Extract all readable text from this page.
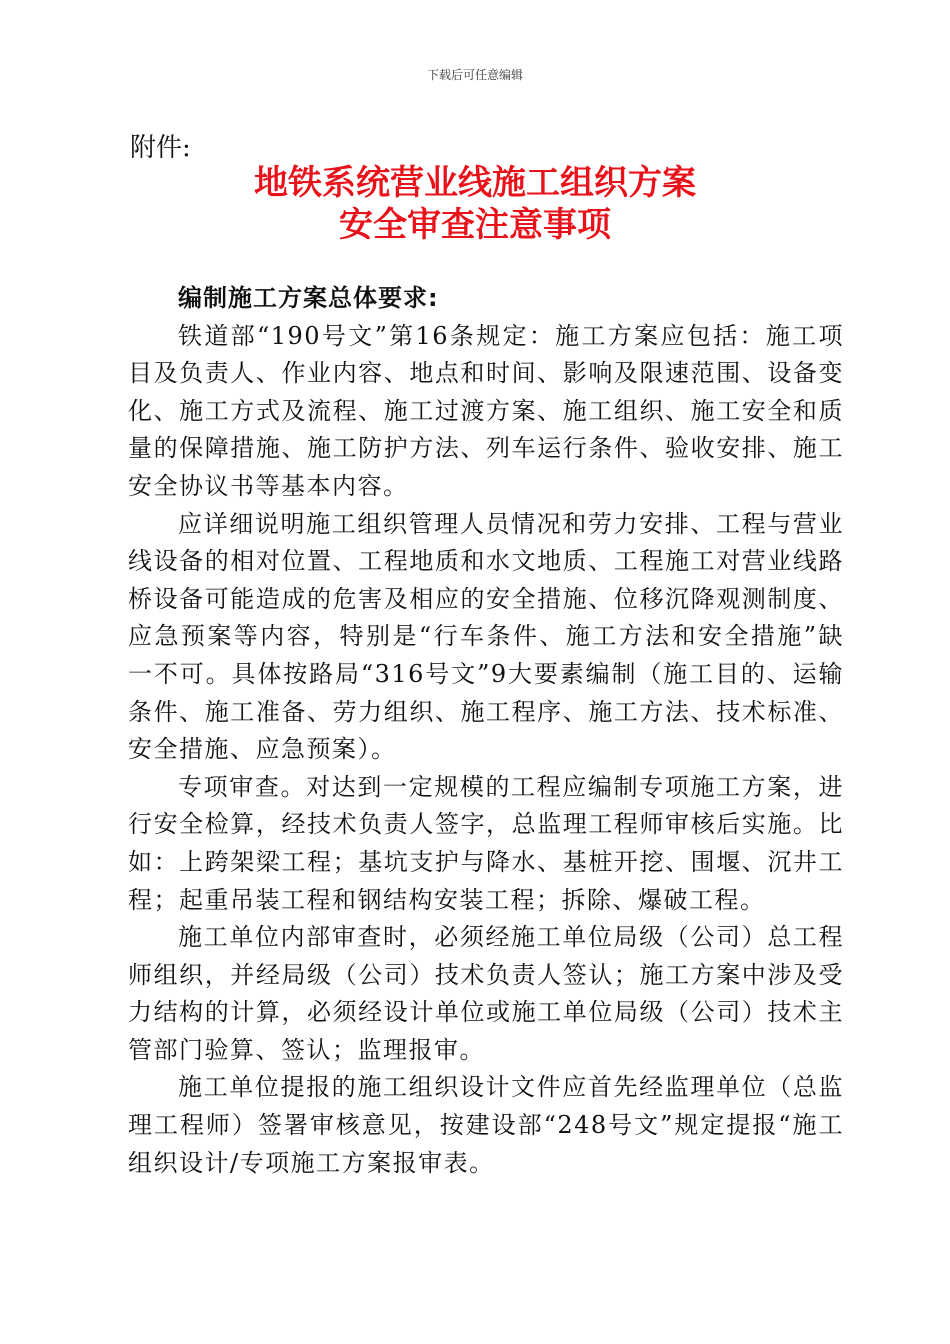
下载后可任意编辑
附件:
地铁系统营业线施工组织方案
安全审查注意事项

编制施工方案总体要求:

铁道部“190号文”第16条规定：施工方案应包括：施工项目及负责人、作业内容、地点和时间、影响及限速范围、设备变化、施工方式及流程、施工过渡方案、施工组织、施工安全和质量的保障措施、施工防护方法、列车运行条件、验收安排、施工安全协议书等基本内容。

应详细说明施工组织管理人员情况和劳力安排、工程与营业线设备的相对位置、工程地质和水文地质、工程施工对营业线路桥设备可能造成的危害及相应的安全措施、位移沉降观测制度、应急预案等内容，特别是“行车条件、施工方法和安全措施”缺一不可。具体按路局“316号文”9大要素编制（施工目的、运输条件、施工准备、劳力组织、施工程序、施工方法、技术标准、安全措施、应急预案）。

专项审查。对达到一定规模的工程应编制专项施工方案，进行安全检算，经技术负责人签字，总监理工程师审核后实施。比如：上跨架梁工程；基坑支护与降水、基桩开挖、围堰、沉井工程；起重吊装工程和钢结构安装工程；拆除、爆破工程。

施工单位内部审查时，必须经施工单位局级（公司）总工程师组织，并经局级（公司）技术负责人签认；施工方案中涉及受力结构的计算，必须经设计单位或施工单位局级（公司）技术主管部门验算、签认；监理报审。

施工单位提报的施工组织设计文件应首先经监理单位（总监理工程师）签署审核意见，按建设部“248号文”规定提报“施工组织设计/专项施工方案报审表。
